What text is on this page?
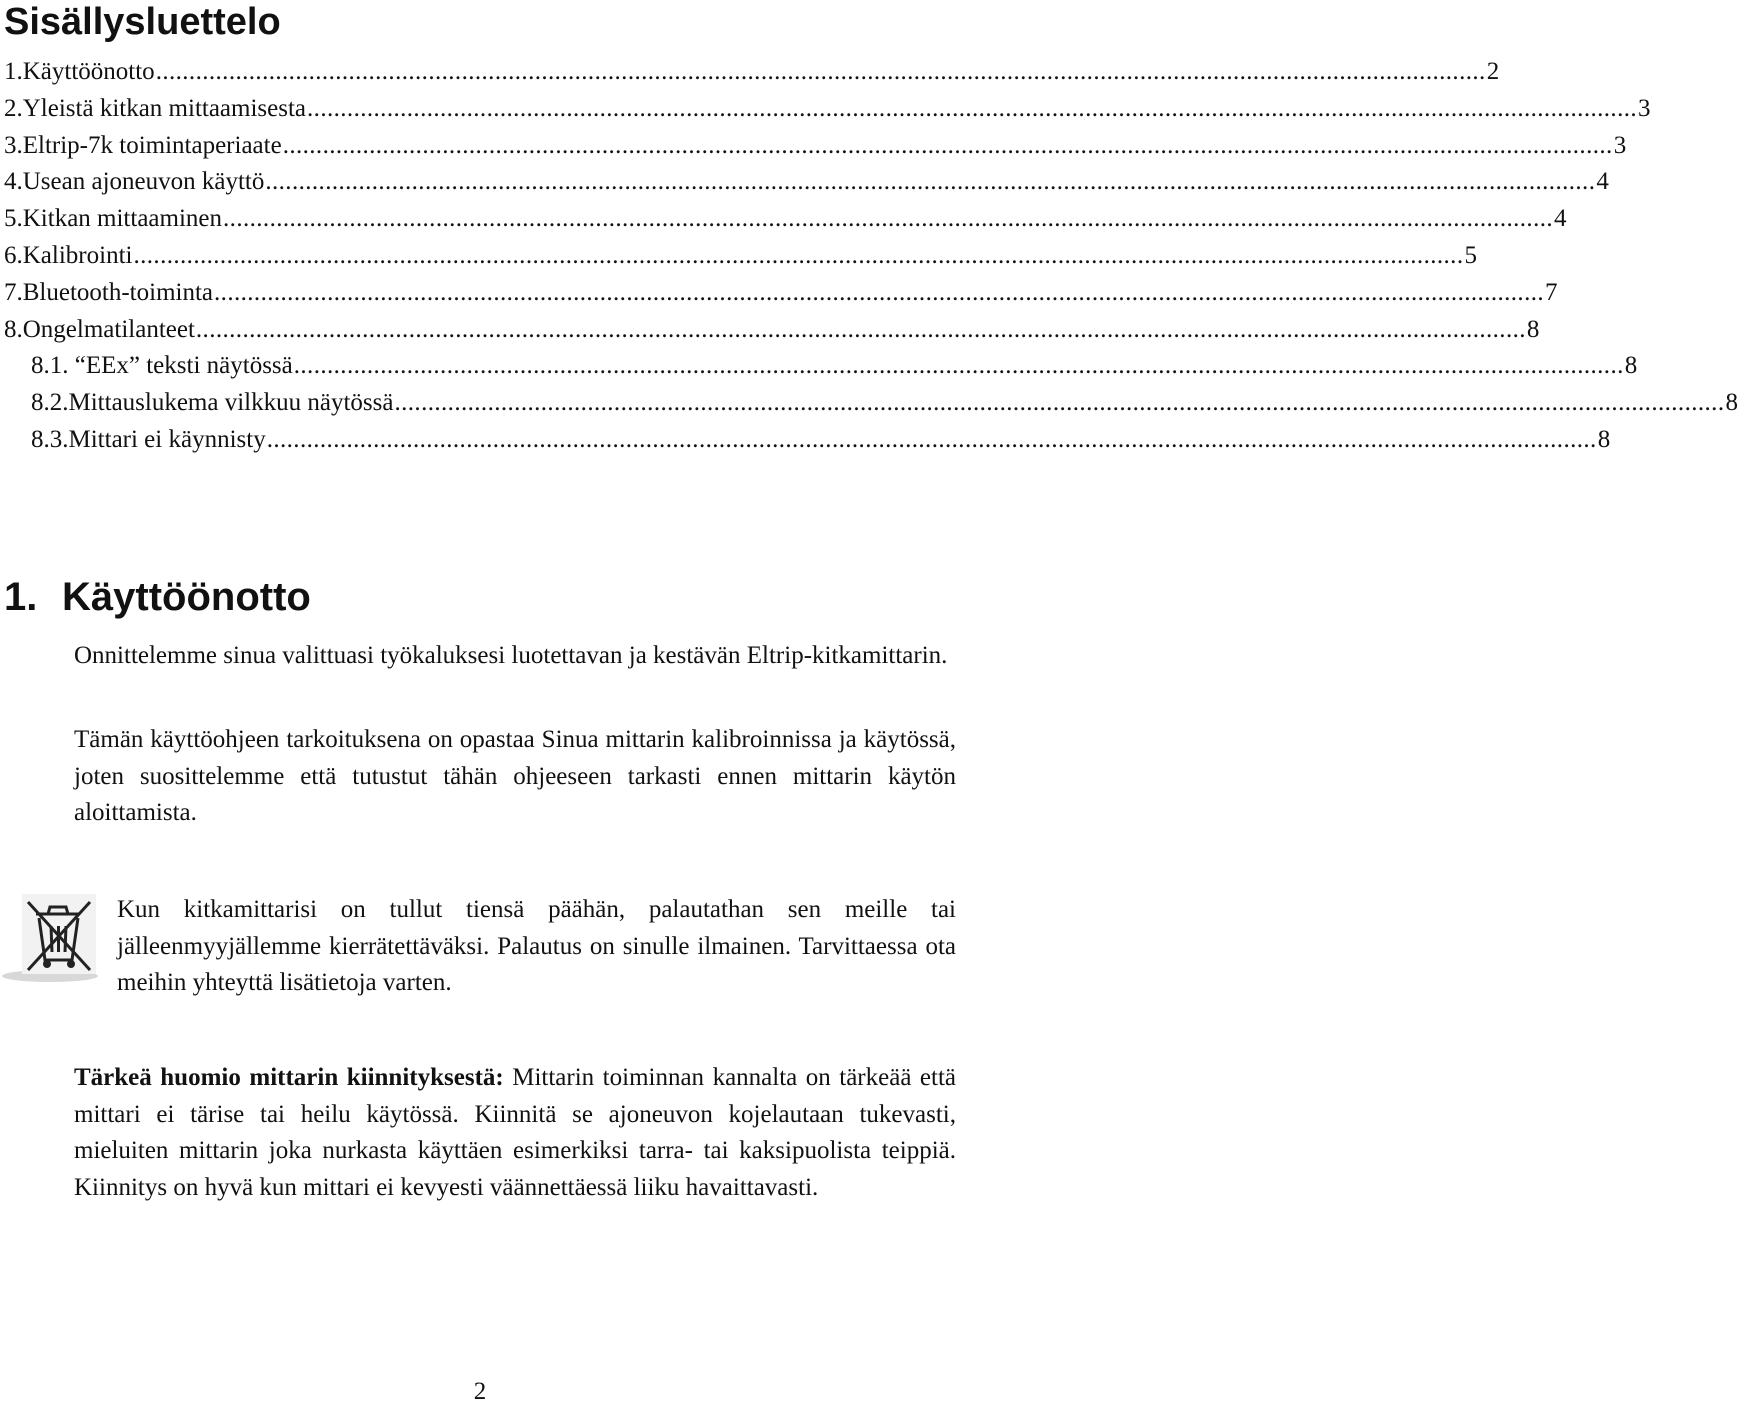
Sisällysluettelo
1.Käyttöönotto ........................................................................................................................................................................................................ 2
2.Yleistä kitkan mittaamisesta ........................................................................................................................................................................................................ 3
3.Eltrip-7k toimintaperiaate ........................................................................................................................................................................................................ 3
4.Usean ajoneuvon käyttö ........................................................................................................................................................................................................ 4
5.Kitkan mittaaminen ........................................................................................................................................................................................................ 4
6.Kalibrointi ........................................................................................................................................................................................................ 5
7.Bluetooth-toiminta ........................................................................................................................................................................................................ 7
8.Ongelmatilanteet ........................................................................................................................................................................................................ 8
8.1. “EEx” teksti näytössä ........................................................................................................................................................................................................ 8
8.2.Mittauslukema vilkkuu näytössä ........................................................................................................................................................................................................ 8
8.3.Mittari ei käynnisty ........................................................................................................................................................................................................ 8
1. Käyttöönotto

Onnittelemme sinua valittuasi työkaluksesi luotettavan ja kestävän Eltrip-kitkamittarin.

Tämän käyttöohjeen tarkoituksena on opastaa Sinua mittarin kalibroinnissa ja käytössä, joten suosittelemme että tutustut tähän ohjeeseen tarkasti ennen mittarin käytön aloittamista.

Kun kitkamittarisi on tullut tiensä päähän, palautathan sen meille tai jälleenmyyjällemme kierrätettäväksi. Palautus on sinulle ilmainen. Tarvittaessa ota meihin yhteyttä lisätietoja varten.

Tärkeä huomio mittarin kiinnityksestä: Mittarin toiminnan kannalta on tärkeää että mittari ei tärise tai heilu käytössä. Kiinnitä se ajoneuvon kojelautaan tukevasti, mieluiten mittarin joka nurkasta käyttäen esimerkiksi tarra- tai kaksipuolista teippiä. Kiinnitys on hyvä kun mittari ei kevyesti väännettäessä liiku havaittavasti.

2
